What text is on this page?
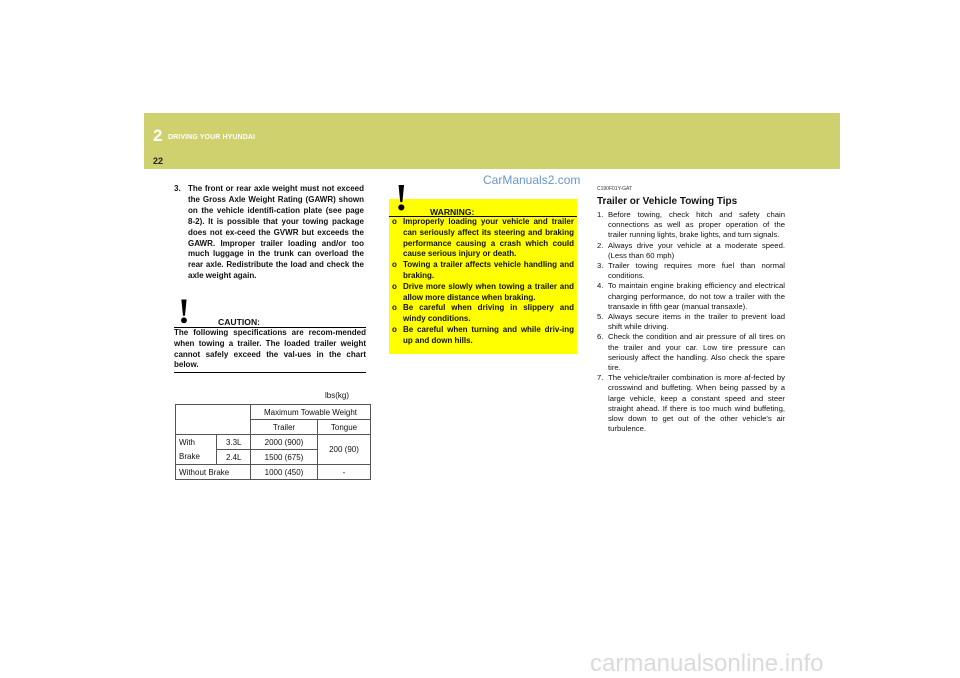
2 DRIVING YOUR HYUNDAI
22
CarManuals2.com
3. The front or rear axle weight must not exceed the Gross Axle Weight Rating (GAWR) shown on the vehicle identifi-cation plate (see page 8-2). It is possible that your towing package does not ex-ceed the GVWR but exceeds the GAWR. Improper trailer loading and/or too much luggage in the trunk can overload the rear axle. Redistribute the load and check the axle weight again.
!	CAUTION:
The following specifications are recom-mended when towing a trailer. The loaded trailer weight cannot safely exceed the val-ues in the chart below.
lbs(kg)
		Maximum Towable Weight	
		Trailer	Tongue
With	3.3L	2000 (900)	200 (90)
Brake	2.4L	1500 (675)	
Without Brake		1000 (450)	-
!	WARNING:
o Improperly loading your vehicle and trailer can seriously affect its steering and braking performance causing a crash which could cause serious injury or death.
o Towing a trailer affects vehicle handling and braking.
o Drive more slowly when towing a trailer and allow more distance when braking.
o Be careful when driving in slippery and windy conditions.
o Be careful when turning and while driv-ing up and down hills.
C190F01Y-GAT
Trailer or Vehicle Towing Tips
1. Before towing, check hitch and safety chain connections as well as proper operation of the trailer running lights, brake lights, and turn signals.
2. Always drive your vehicle at a moderate speed. (Less than 60 mph)
3. Trailer towing requires more fuel than normal conditions.
4. To maintain engine braking efficiency and electrical charging performance, do not tow a trailer with the transaxle in fifth gear (manual transaxle).
5. Always secure items in the trailer to prevent load shift while driving.
6. Check the condition and air pressure of all tires on the trailer and your car. Low tire pressure can seriously affect the handling. Also check the spare tire.
7. The vehicle/trailer combination is more af-fected by crosswind and buffeting. When being passed by a large vehicle, keep a constant speed and steer straight ahead. If there is too much wind buffeting, slow down to get out of the other vehicle's air turbulence.
carmanualsonline.info
